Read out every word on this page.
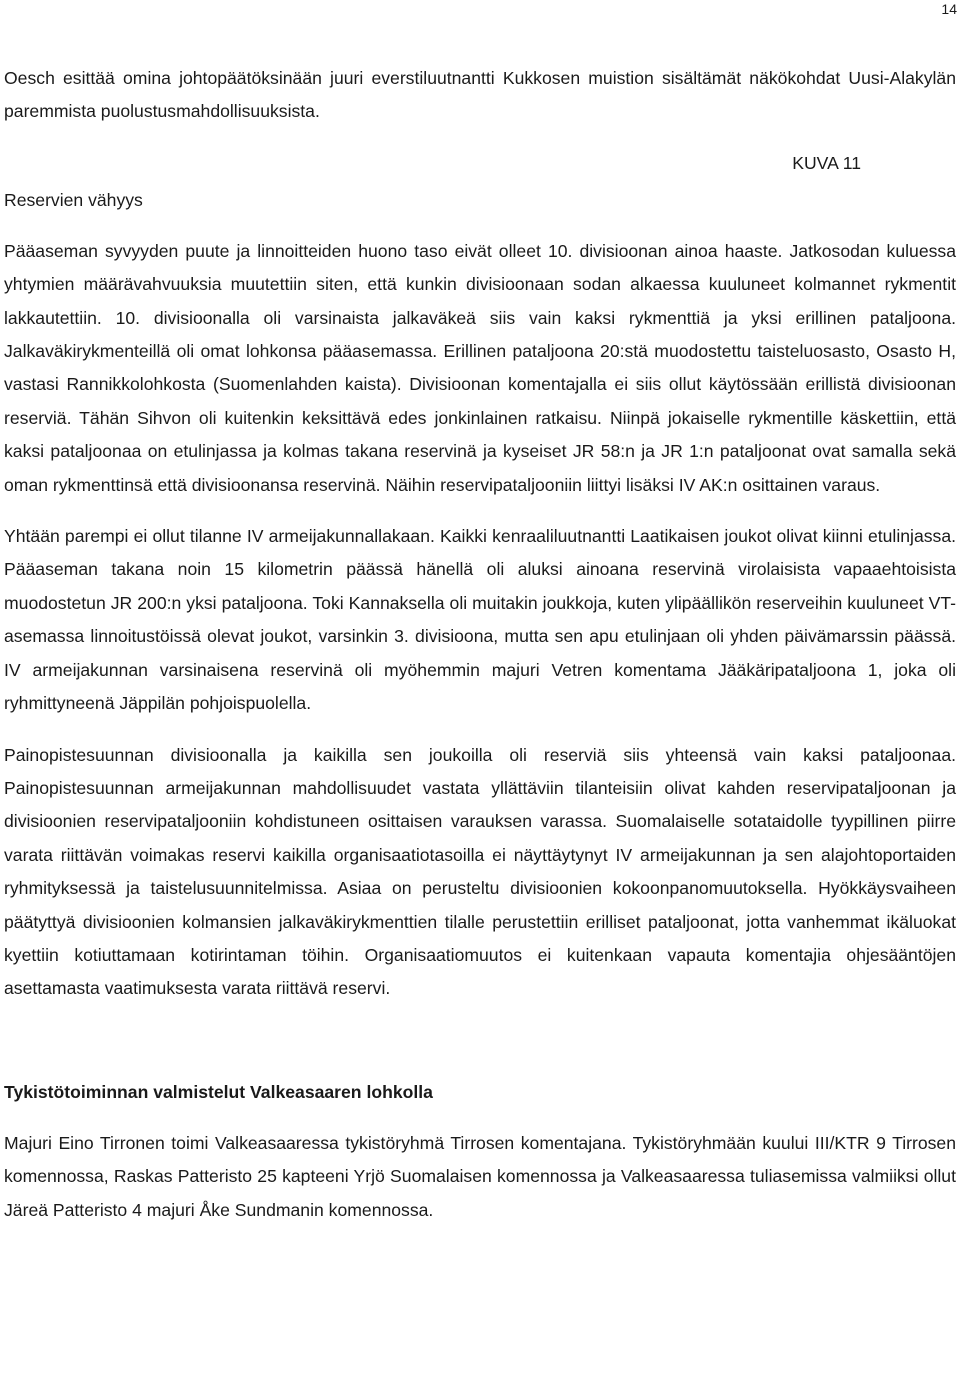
14

Oesch esittää omina johtopäätöksinään juuri everstiluutnantti Kukkosen muistion sisältämät näkökohdat Uusi-Alakylän paremmista puolustusmahdollisuuksista.

KUVA 11
Reservien vähyys

Pääaseman syvyyden puute ja linnoitteiden huono taso eivät olleet 10. divisioonan ainoa haaste. Jatkosodan kuluessa yhtymien määrävahvuuksia muutettiin siten, että kunkin divisioonaan sodan alkaessa kuuluneet kolmannet rykmentit lakkautettiin. 10. divisioonalla oli varsinaista jalkaväkeä siis vain kaksi rykmenttiä ja yksi erillinen pataljoona. Jalkaväkirykmenteillä oli omat lohkonsa pääasemassa. Erillinen pataljoona 20:stä muodostettu taisteluosasto, Osasto H, vastasi Rannikkolohkosta (Suomenlahden kaista). Divisioonan komentajalla ei siis ollut käytössään erillistä divisioonan reserviä. Tähän Sihvon oli kuitenkin keksittävä edes jonkinlainen ratkaisu. Niinpä jokaiselle rykmentille käskettiin, että kaksi pataljoonaa on etulinjassa ja kolmas takana reservinä ja kyseiset JR 58:n ja JR 1:n pataljoonat ovat samalla sekä oman rykmenttinsä että divisioonansa reservinä. Näihin reservipataljooniin liittyi lisäksi IV AK:n osittainen varaus.

Yhtään parempi ei ollut tilanne IV armeijakunnallakaan. Kaikki kenraaliluutnantti Laatikaisen joukot olivat kiinni etulinjassa. Pääaseman takana noin 15 kilometrin päässä hänellä oli aluksi ainoana reservinä virolaisista vapaaehtoisista muodostetun JR 200:n yksi pataljoona. Toki Kannaksella oli muitakin joukkoja, kuten ylipäällikön reserveihin kuuluneet VT-asemassa linnoitustöissä olevat joukot, varsinkin 3. divisioona, mutta sen apu etulinjaan oli yhden päivämarssin päässä. IV armeijakunnan varsinaisena reservinä oli myöhemmin majuri Vetren komentama Jääkäripataljoona 1, joka oli ryhmittyneenä Jäppilän pohjoispuolella.

Painopistesuunnan divisioonalla ja kaikilla sen joukoilla oli reserviä siis yhteensä vain kaksi pataljoonaa. Painopistesuunnan armeijakunnan mahdollisuudet vastata yllättäviin tilanteisiin olivat kahden reservipataljoonan ja divisioonien reservipataljooniin kohdistuneen osittaisen varauksen varassa. Suomalaiselle sotataidolle tyypillinen piirre varata riittävän voimakas reservi kaikilla organisaatiotasoilla ei näyttäytynyt IV armeijakunnan ja sen alajohtoportaiden ryhmityksessä ja taistelusuunnitelmissa. Asiaa on perusteltu divisioonien kokoonpanomuutoksella. Hyökkäysvaiheen päätyttyä divisioonien kolmansien jalkaväkirykmenttien tilalle perustettiin erilliset pataljoonat, jotta vanhemmat ikäluokat kyettiin kotiuttamaan kotirintaman töihin. Organisaatiomuutos ei kuitenkaan vapauta komentajia ohjesääntöjen asettamasta vaatimuksesta varata riittävä reservi.

Tykistötoiminnan valmistelut Valkeasaaren lohkolla

Majuri Eino Tirronen toimi Valkeasaaressa tykistöryhmä Tirrosen komentajana. Tykistöryhmään kuului III/KTR 9 Tirrosen komennossa, Raskas Patteristo 25 kapteeni Yrjö Suomalaisen komennossa ja Valkeasaaressa tuliasemissa valmiiksi ollut Järeä Patteristo 4 majuri Åke Sundmanin komennossa.
